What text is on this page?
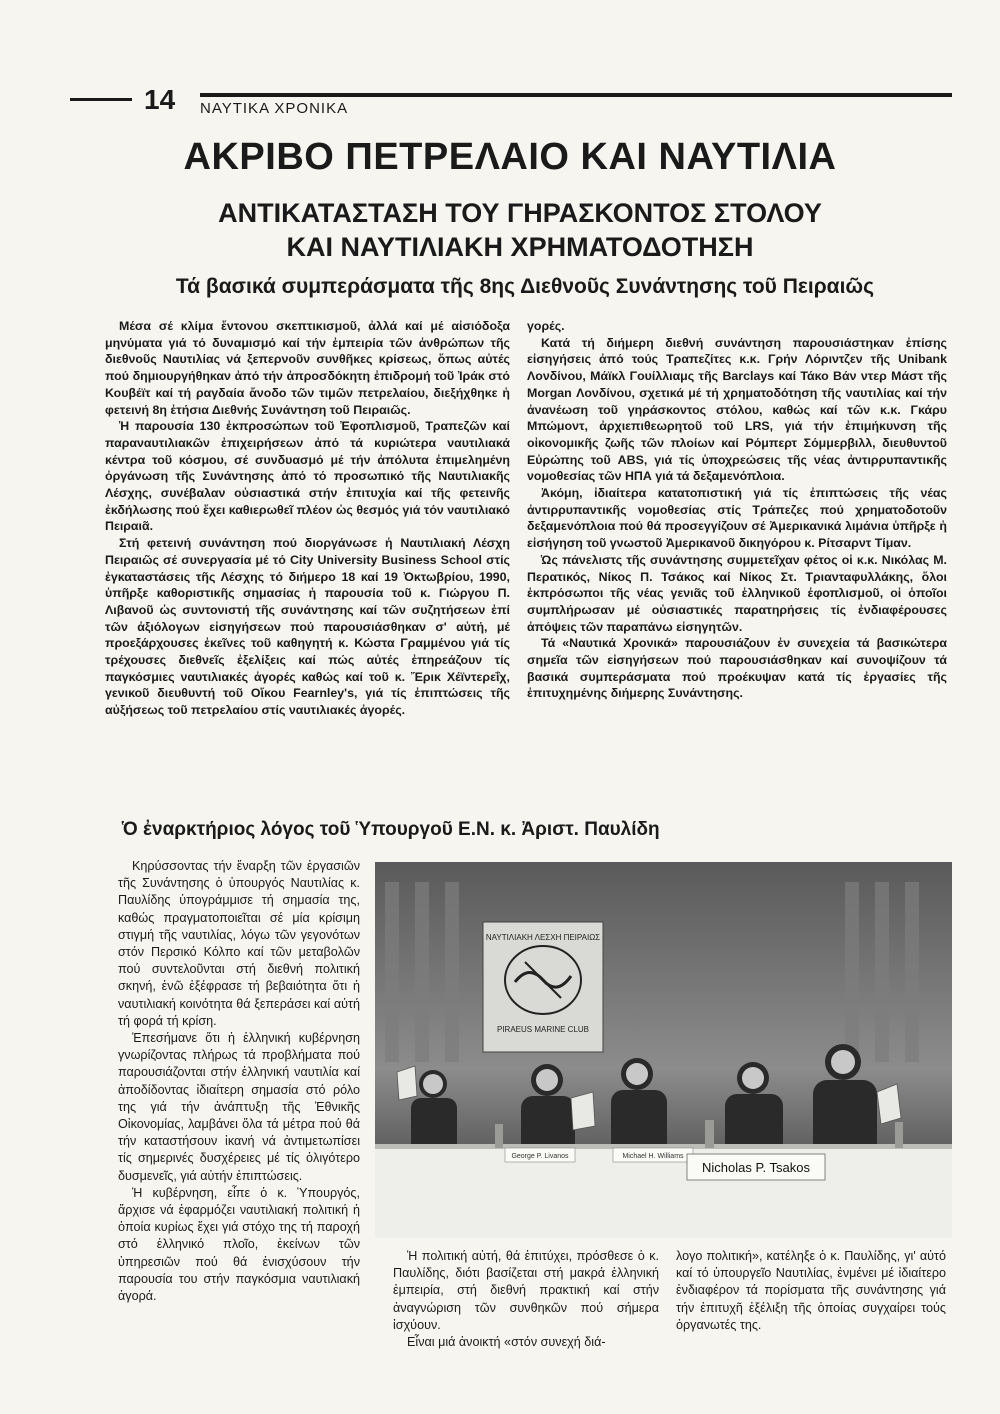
14 ΝΑΥΤΙΚΑ ΧΡΟΝΙΚΑ
ΑΚΡΙΒΟ ΠΕΤΡΕΛΑΙΟ ΚΑΙ ΝΑΥΤΙΛΙΑ
ΑΝΤΙΚΑΤΑΣΤΑΣΗ ΤΟΥ ΓΗΡΑΣΚΟΝΤΟΣ ΣΤΟΛΟΥ
ΚΑΙ ΝΑΥΤΙΛΙΑΚΗ ΧΡΗΜΑΤΟΔΟΤΗΣΗ
Τά βασικά συμπεράσματα τῆς 8ης Διεθνοῦς Συνάντησης τοῦ Πειραιῶς

Μέσα σέ κλίμα ἔντονου σκεπτικισμοῦ, ἀλλά καί μέ αἰσιόδοξα μηνύματα γιά τό δυναμισμό καί τήν ἐμπειρία τῶν ἀνθρώπων τῆς διεθνοῦς Ναυτιλίας νά ξεπερνοῦν συνθῆκες κρίσεως, ὅπως αὐτές πού δημιουργήθηκαν ἀπό τήν ἀπροσδόκητη ἐπιδρομή τοῦ Ἰράκ στό Κουβέϊτ καί τή ραγδαία ἄνοδο τῶν τιμῶν πετρελαίου, διεξήχθηκε ἡ φετεινή 8η ἐτήσια Διεθνής Συνάντηση τοῦ Πειραιῶς.

Ἡ παρουσία 130 ἐκπροσώπων τοῦ Ἐφοπλισμοῦ, Τραπεζῶν καί παραναυτιλιακῶν ἐπιχειρήσεων ἀπό τά κυριώτερα ναυτιλιακά κέντρα τοῦ κόσμου, σέ συνδυασμό μέ τήν ἀπόλυτα ἐπιμελημένη ὀργάνωση τῆς Συνάντησης ἀπό τό προσωπικό τῆς Ναυτιλιακῆς Λέσχης, συνέβαλαν οὐσιαστικά στήν ἐπιτυχία καί τῆς φετεινῆς ἐκδήλωσης πού ἔχει καθιερωθεῖ πλέον ὡς θεσμός γιά τόν ναυτιλιακό Πειραιᾶ.

Στή φετεινή συνάντηση πού διοργάνωσε ἡ Ναυτιλιακή Λέσχη Πειραιῶς σέ συνεργασία μέ τό City University Business School στίς ἐγκαταστάσεις τῆς Λέσχης τό διήμερο 18 καί 19 Ὀκτωβρίου, 1990, ὑπῆρξε καθοριστικῆς σημασίας ἡ παρουσία τοῦ κ. Γιώργου Π. Λιβανοῦ ὡς συντονιστή τῆς συνάντησης καί τῶν συζητήσεων ἐπί τῶν ἀξιόλογων εἰσηγήσεων πού παρουσιάσθηκαν σ' αὐτή, μέ προεξάρχουσες ἐκεῖνες τοῦ καθηγητή κ. Κώστα Γραμμένου γιά τίς τρέχουσες διεθνεῖς ἐξελίξεις καί πώς αὐτές ἐπηρεάζουν τίς παγκόσμιες ναυτιλιακές ἀγορές καθώς καί τοῦ κ. Ἔρικ Χέϊντερεΐχ, γενικοῦ διευθυντή τοῦ Οἴκου Fearnley's, γιά τίς ἐπιπτώσεις τῆς αὐξήσεως τοῦ πετρελαίου στίς ναυτιλιακές ἀγορές.

γορές.

Κατά τή διήμερη διεθνή συνάντηση παρουσιάστηκαν ἐπίσης εἰσηγήσεις ἀπό τούς Τραπεζίτες κ.κ. Γρήν Λόριντζεν τῆς Unibank Λονδίνου, Μάϊκλ Γουίλλιαμς τῆς Barclays καί Τάκο Βάν ντερ Μάστ τῆς Morgan Λονδίνου, σχετικά μέ τή χρηματοδότηση τῆς ναυτιλίας καί τήν ἀνανέωση τοῦ γηράσκοντος στόλου, καθώς καί τῶν κ.κ. Γκάρυ Μπώμοντ, ἀρχιεπιθεωρητοῦ τοῦ LRS, γιά τήν ἐπιμήκυνση τῆς οἰκονομικῆς ζωῆς τῶν πλοίων καί Ρόμπερτ Σόμμερβιλλ, διευθυντοῦ Εὐρώπης τοῦ ABS, γιά τίς ὑποχρεώσεις τῆς νέας ἀντιρρυπαντικῆς νομοθεσίας τῶν ΗΠΑ γιά τά δεξαμενόπλοια.

Ἀκόμη, ἰδιαίτερα κατατοπιστική γιά τίς ἐπιπτώσεις τῆς νέας ἀντιρρυπαντικῆς νομοθεσίας στίς Τράπεζες πού χρηματοδοτοῦν δεξαμενόπλοια πού θά προσεγγίζουν σέ Ἀμερικανικά λιμάνια ὑπῆρξε ἡ εἰσήγηση τοῦ γνωστοῦ Ἀμερικανοῦ δικηγόρου κ. Ρίτσαρντ Τίμαν.

Ὡς πάνελιστς τῆς συνάντησης συμμετεῖχαν φέτος οἱ κ.κ. Νικόλας Μ. Περατικός, Νίκος Π. Τσάκος καί Νίκος Στ. Τριανταφυλλάκης, ὅλοι ἐκπρόσωποι τῆς νέας γενιᾶς τοῦ ἑλληνικοῦ ἐφοπλισμοῦ, οἱ ὁποῖοι συμπλήρωσαν μέ οὐσιαστικές παρατηρήσεις τίς ἐνδιαφέρουσες ἀπόψεις τῶν παραπάνω εἰσηγητῶν.

Τά «Ναυτικά Χρονικά» παρουσιάζουν ἐν συνεχεία τά βασικώτερα σημεῖα τῶν εἰσηγήσεων πού παρουσιάσθηκαν καί συνοψίζουν τά βασικά συμπεράσματα πού προέκυψαν κατά τίς ἐργασίες τῆς ἐπιτυχημένης διήμερης Συνάντησης.

Ὁ ἐναρκτήριος λόγος τοῦ Ὑπουργοῦ Ε.Ν. κ. Ἀριστ. Παυλίδη

Κηρύσσοντας τήν ἔναρξη τῶν ἐργασιῶν τῆς Συνάντησης ὁ ὑπουργός Ναυτιλίας κ. Παυλίδης ὑπογράμμισε τή σημασία της, καθώς πραγματοποιεῖται σέ μία κρίσιμη στιγμή τῆς ναυτιλίας, λόγω τῶν γεγονότων στόν Περσικό Κόλπο καί τῶν μεταβολῶν πού συντελοῦνται στή διεθνή πολιτική σκηνή, ἐνῶ ἐξέφρασε τή βεβαιότητα ὅτι ἡ ναυτιλιακή κοινότητα θά ξεπεράσει καί αὐτή τή φορά τή κρίση.

Ἐπεσήμανε ὅτι ἡ ἑλληνική κυβέρνηση γνωρίζοντας πλήρως τά προβλήματα πού παρουσιάζονται στήν ἑλληνική ναυτιλία καί ἀποδίδοντας ἰδιαίτερη σημασία στό ρόλο της γιά τήν ἀνάπτυξη τῆς Ἐθνικῆς Οἰκονομίας, λαμβάνει ὅλα τά μέτρα πού θά τήν καταστήσουν ἱκανή νά ἀντιμετωπίσει τίς σημερινές δυσχέρειες μέ τίς ὀλιγότερο δυσμενεῖς, γιά αὐτήν ἐπιπτώσεις.

Ἡ κυβέρνηση, εἶπε ὁ κ. Ὑπουργός, ἄρχισε νά ἐφαρμόζει ναυτιλιακή πολιτική ἡ ὁποία κυρίως ἔχει γιά στόχο της τή παροχή στό ἑλληνικό πλοῖο, ἐκείνων τῶν ὑπηρεσιῶν πού θά ἐνισχύσουν τήν παρουσία του στήν παγκόσμια ναυτιλιακή ἀγορά.

ΝΑΥΤΙΛΙΑΚΗ ΛΕΣΧΗ ΠΕΙΡΑΙΩΣ
PIRAEUS MARINE CLUB
George P. Livanos	Michael H. Williams
Nicholas P. Tsakos

Ἡ πολιτική αὐτή, θά ἐπιτύχει, πρόσθεσε ὁ κ. Παυλίδης, διότι βασίζεται στή μακρά ἑλληνική ἐμπειρία, στή διεθνή πρακτική καί στήν ἀναγνώριση τῶν συνθηκῶν πού σήμερα ἰσχύουν.

Εἶναι μιά ἀνοικτή «στόν συνεχή διά-

λογο πολιτική», κατέληξε ὁ κ. Παυλίδης, γι' αὐτό καί τό ὑπουργεῖο Ναυτιλίας, ἐνμένει μέ ἰδιαίτερο ἐνδιαφέρον τά πορίσματα τῆς συνάντησης γιά τήν ἐπιτυχῆ ἐξέλιξη τῆς ὁποίας συγχαίρει τούς ὀργανωτές της.
